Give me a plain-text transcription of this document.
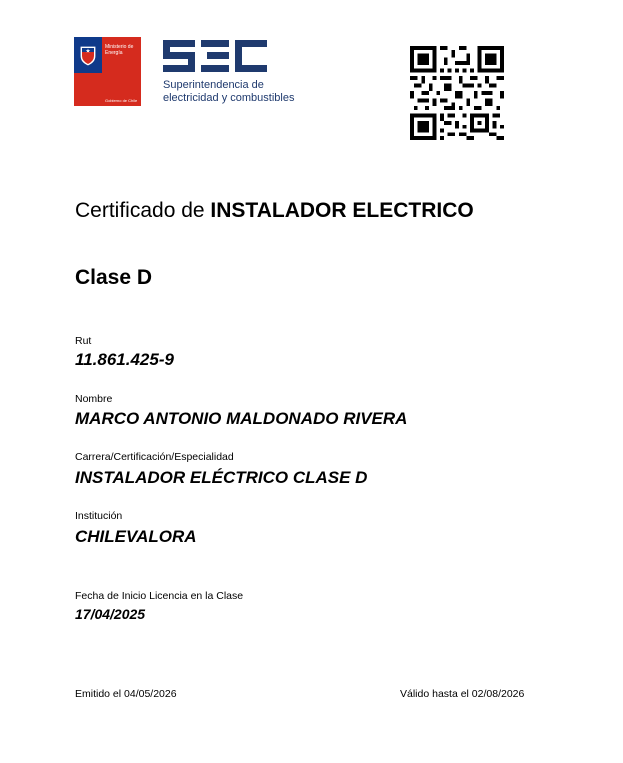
Ministerio de
Energía
Gobierno de Chile
Superintendencia de
electricidad y combustibles
Certificado de INSTALADOR ELECTRICO
Clase D
Rut
11.861.425-9
Nombre
MARCO ANTONIO MALDONADO RIVERA
Carrera/Certificación/Especialidad
INSTALADOR ELÉCTRICO CLASE D
Institución
CHILEVALORA
Fecha de Inicio Licencia en la Clase
17/04/2025
Emitido el 04/05/2026	Válido hasta el 02/08/2026
